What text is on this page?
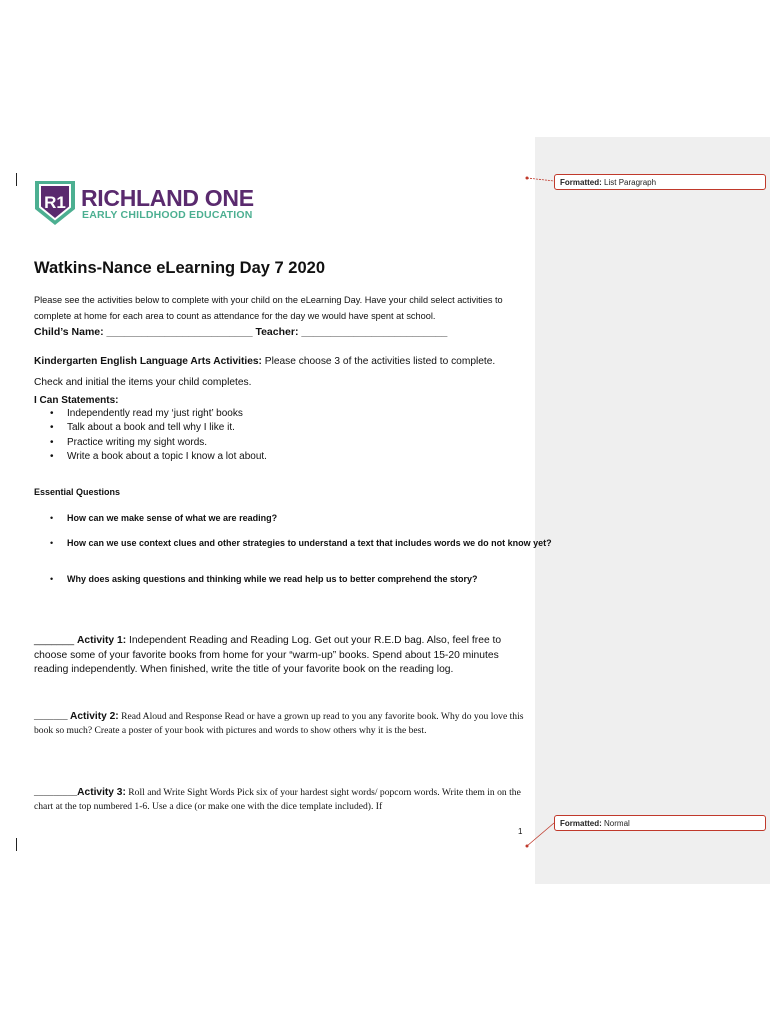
Formatted: List Paragraph
Formatted: Normal
R1 RICHLAND ONE
EARLY CHILDHOOD EDUCATION
Watkins-Nance eLearning Day 7 2020
Please see the activities below to complete with your child on the eLearning Day. Have your child select activities to complete at home for each area to count as attendance for the day we would have spent at school.
Child’s Name: _________________________ Teacher: _________________________
Kindergarten English Language Arts Activities: Please choose 3 of the activities listed to complete. Check and initial the items your child completes.
I Can Statements:
• Independently read my ‘just right’ books
• Talk about a book and tell why I like it.
• Practice writing my sight words.
• Write a book about a topic I know a lot about.
Essential Questions
• How can we make sense of what we are reading?
• How can we use context clues and other strategies to understand a text that includes words we do not know yet?
• Why does asking questions and thinking while we read help us to better comprehend the story?
_______ Activity 1: Independent Reading and Reading Log. Get out your R.E.D bag. Also, feel free to choose some of your favorite books from home for your “warm-up” books. Spend about 15-20 minutes reading independently. When finished, write the title of your favorite book on the reading log.
_______ Activity 2: Read Aloud and Response Read or have a grown up read to you any favorite book. Why do you love this book so much? Create a poster of your book with pictures and words to show others why it is the best.
_________Activity 3: Roll and Write Sight Words Pick six of your hardest sight words/ popcorn words. Write them in on the chart at the top numbered 1-6. Use a dice (or make one with the dice template included). If
1
